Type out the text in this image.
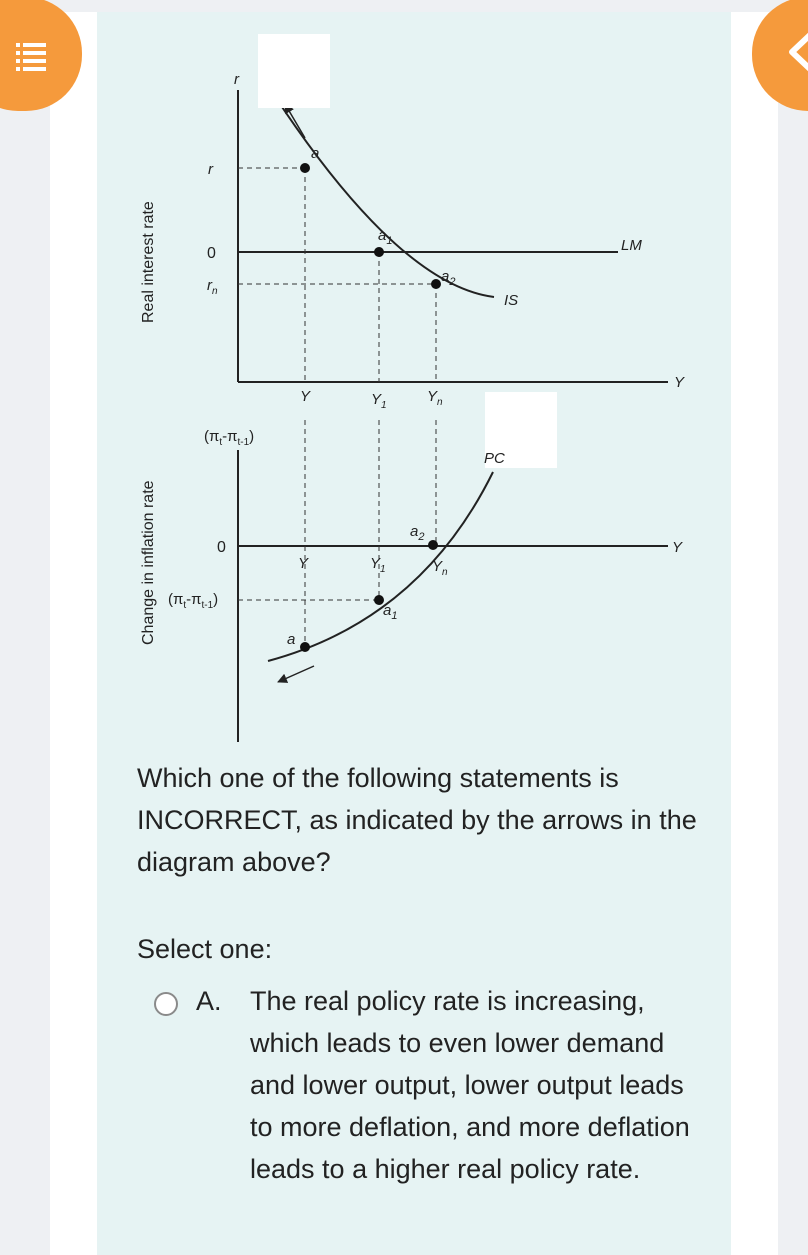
Real interest rate
r
r
0
$r_n$
a
$a_1$
$a_2$
LM
IS
Y
Y	$Y_1$
$Y_n$
Change in inflation rate
$(\pi_t-\pi_{t-1})$
0
$(\pi_t-\pi_{t-1})$
PC
$a_2$
$a_1$
a
Y
Y	$Y_1$	$Y_n$
Which one of the following statements is INCORRECT, as indicated by the arrows in the diagram above?
Select one:
A. The real policy rate is increasing, which leads to even lower demand and lower output, lower output leads to more deflation, and more deflation leads to a higher real policy rate.
